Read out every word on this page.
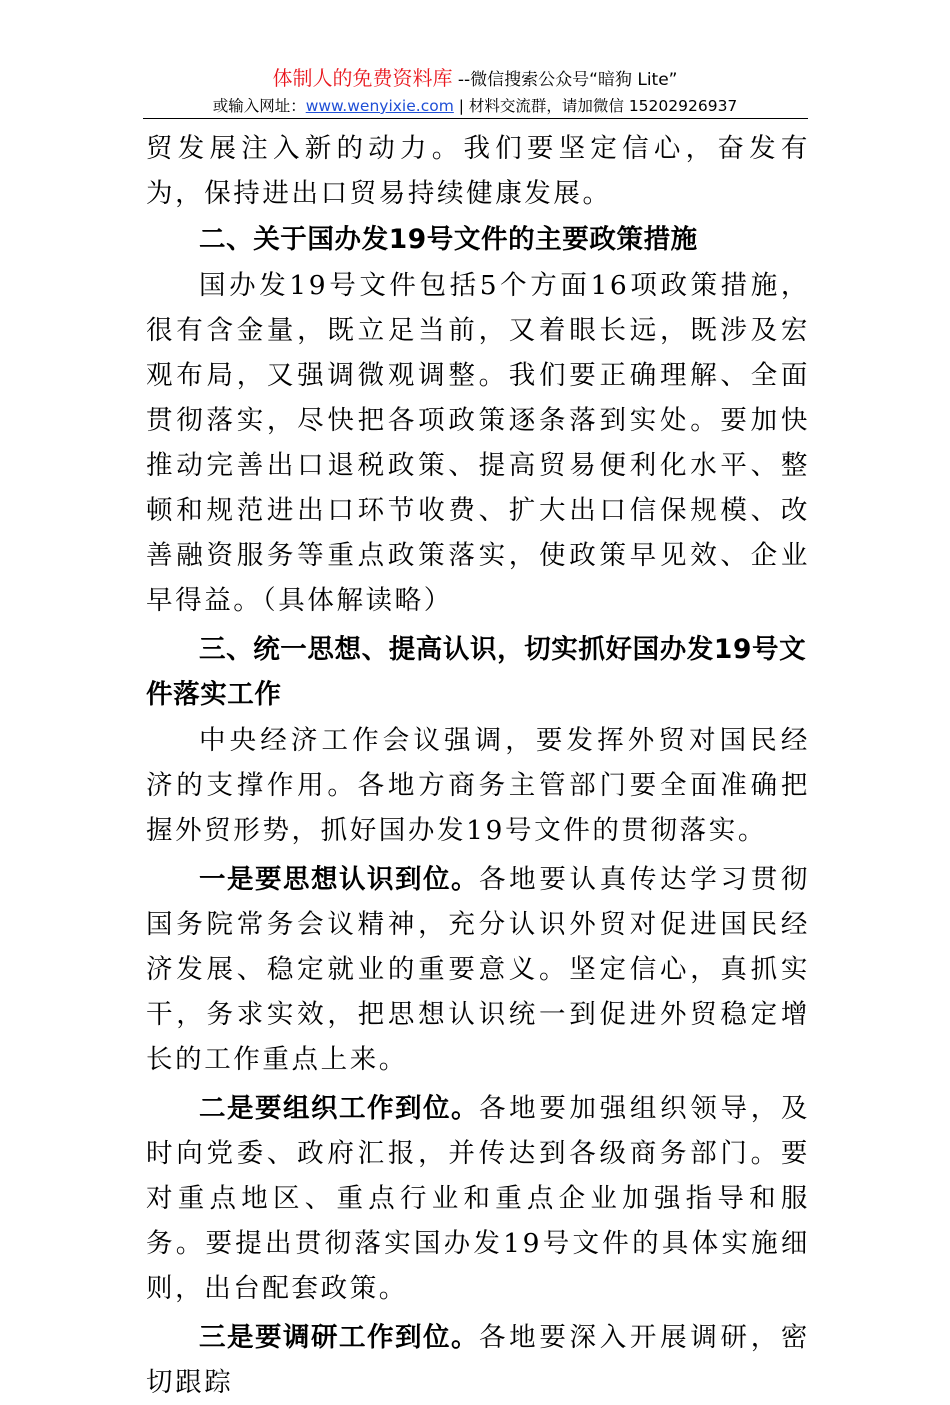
体制人的免费资料库 --微信搜索公众号“暗狗 Lite”
或输入网址：www.wenyixie.com | 材料交流群，请加微信 15202926937

贸发展注入新的动力。我们要坚定信心，奋发有为，保持进出口贸易持续健康发展。

二、关于国办发19号文件的主要政策措施

国办发19号文件包括5个方面16项政策措施，很有含金量，既立足当前，又着眼长远，既涉及宏观布局，又强调微观调整。我们要正确理解、全面贯彻落实，尽快把各项政策逐条落到实处。要加快推动完善出口退税政策、提高贸易便利化水平、整顿和规范进出口环节收费、扩大出口信保规模、改善融资服务等重点政策落实，使政策早见效、企业早得益。（具体解读略）

三、统一思想、提高认识，切实抓好国办发19号文件落实工作

中央经济工作会议强调，要发挥外贸对国民经济的支撑作用。各地方商务主管部门要全面准确把握外贸形势，抓好国办发19号文件的贯彻落实。

一是要思想认识到位。各地要认真传达学习贯彻国务院常务会议精神，充分认识外贸对促进国民经济发展、稳定就业的重要意义。坚定信心，真抓实干，务求实效，把思想认识统一到促进外贸稳定增长的工作重点上来。

二是要组织工作到位。各地要加强组织领导，及时向党委、政府汇报，并传达到各级商务部门。要对重点地区、重点行业和重点企业加强指导和服务。要提出贯彻落实国办发19号文件的具体实施细则，出台配套政策。

三是要调研工作到位。各地要深入开展调研，密切跟踪
